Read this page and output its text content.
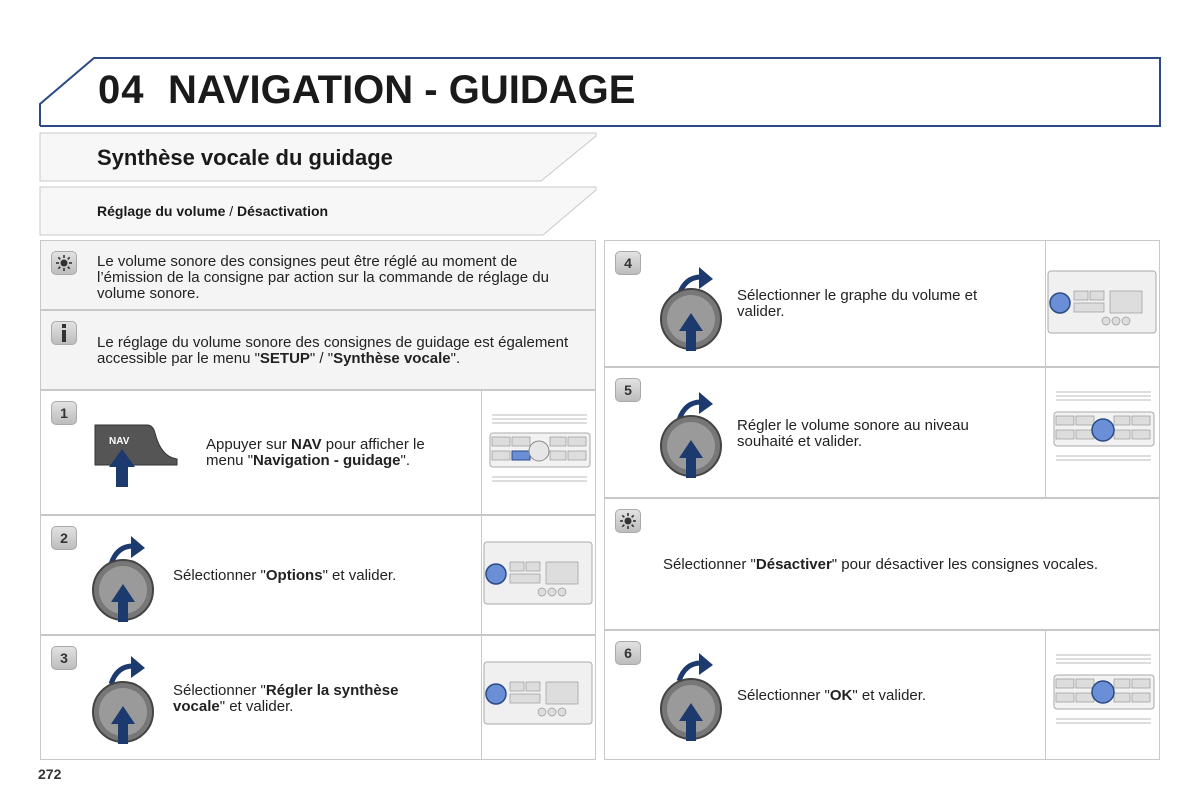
04 NAVIGATION - GUIDAGE
Synthèse vocale du guidage
Réglage du volume / Désactivation
Le volume sonore des consignes peut être réglé au moment de l’émission de la consigne par action sur la commande de réglage du volume sonore.
Le réglage du volume sonore des consignes de guidage est également accessible par le menu "SETUP" / "Synthèse vocale".
1
NAV	Appuyer sur NAV pour afficher le menu "Navigation - guidage".
2
Sélectionner "Options" et valider.
3
Sélectionner "Régler la synthèse vocale" et valider.
4
Sélectionner le graphe du volume et valider.
5
Régler le volume sonore au niveau souhaité et valider.
Sélectionner "Désactiver" pour désactiver les consignes vocales.
6
Sélectionner "OK" et valider.
272
